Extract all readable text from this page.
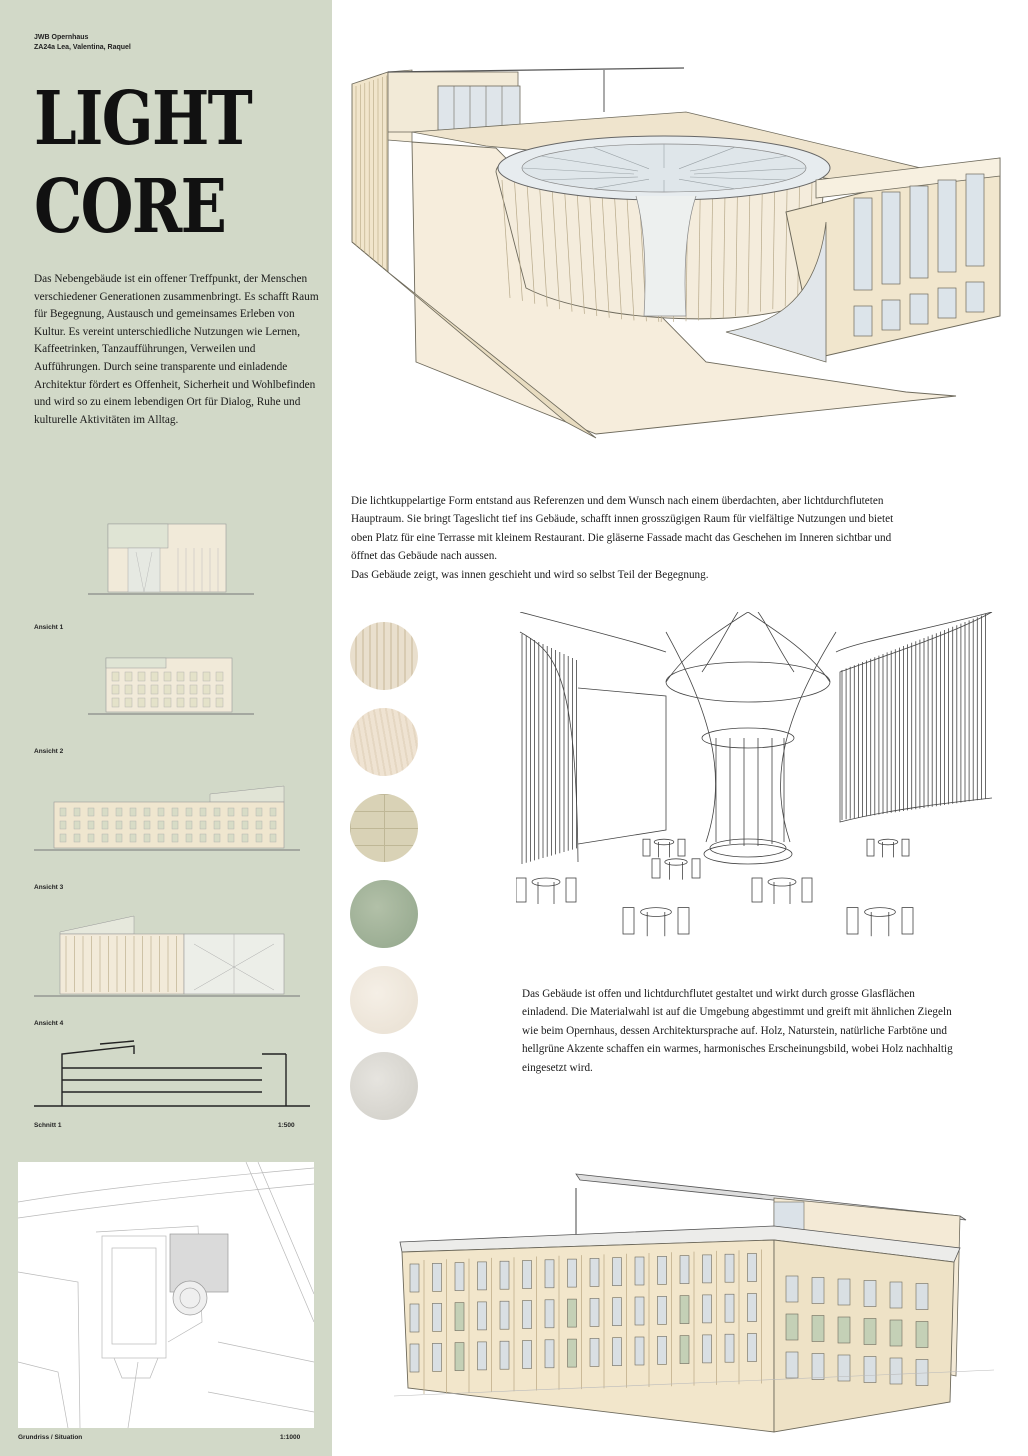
JWB Opernhaus
ZA24a Lea, Valentina, Raquel
LIGHT
CORE

Das Nebengebäude ist ein offener Treffpunkt, der Menschen verschiedener Generationen zusammenbringt. Es schafft Raum für Begegnung, Austausch und gemeinsames Erleben von Kultur. Es vereint unterschiedliche Nutzungen wie Lernen, Kaffeetrinken, Tanzaufführungen, Verweilen und Aufführungen. Durch seine transparente und einladende Architektur fördert es Offenheit, Sicherheit und Wohlbefinden und wird so zu einem lebendigen Ort für Dialog, Ruhe und kulturelle Aktivitäten im Alltag.

Ansicht 1
Ansicht 2
Ansicht 3
Ansicht 4
Schnitt 1	1:500
Grundriss / Situation	1:1000

Die lichtkuppelartige Form entstand aus Referenzen und dem Wunsch nach einem überdachten, aber lichtdurchfluteten Hauptraum. Sie bringt Tageslicht tief ins Gebäude, schafft innen grosszügigen Raum für vielfältige Nutzungen und bietet oben Platz für eine Terrasse mit kleinem Restaurant. Die gläserne Fassade macht das Geschehen im Inneren sichtbar und öffnet das Gebäude nach aussen.
Das Gebäude zeigt, was innen geschieht und wird so selbst Teil der Begegnung.

Das Gebäude ist offen und lichtdurchflutet gestaltet und wirkt durch grosse Glasflächen einladend. Die Materialwahl ist auf die Umgebung abgestimmt und greift mit ähnlichen Ziegeln wie beim Opernhaus, dessen Architektursprache auf. Holz, Naturstein, natürliche Farbtöne und hellgrüne Akzente schaffen ein warmes, harmonisches Erscheinungsbild, wobei Holz nachhaltig eingesetzt wird.
